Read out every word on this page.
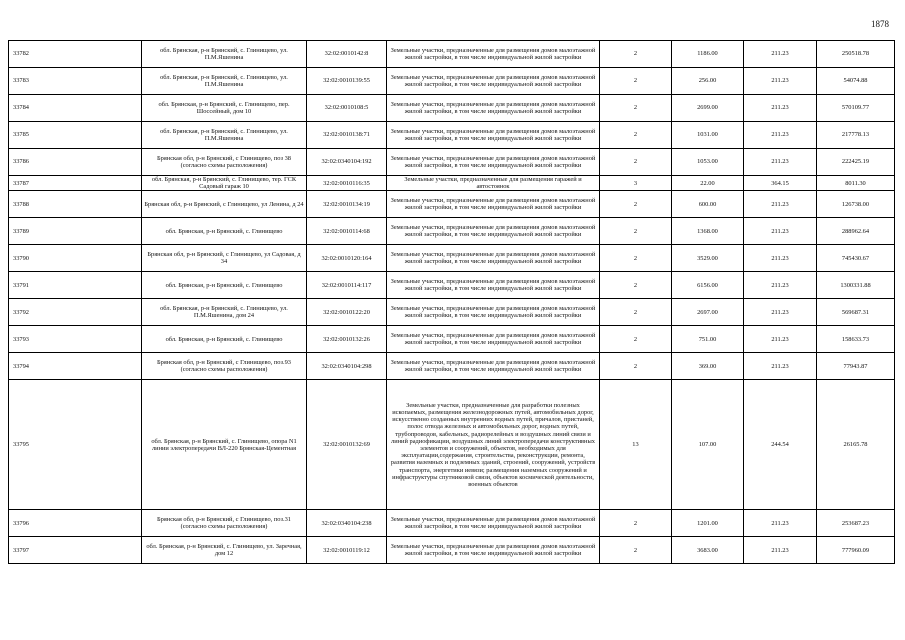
1878
33782	обл. Брянская, р-н Брянский, с. Глинищево, ул. П.М.Яшенина	32:02:0010142:8	Земельные участки, предназначенные для размещения домов малоэтажной жилой застройки, в том числе индивидуальной жилой застройки	2	1186.00	211.23	250518.78
33783	обл. Брянская, р-н Брянский, с. Глинищево, ул. П.М.Яшенина	32:02:0010139:55	Земельные участки, предназначенные для размещения домов малоэтажной жилой застройки, в том числе индивидуальной жилой застройки	2	256.00	211.23	54074.88
33784	обл. Брянская, р-н Брянский, с. Глинищево, пер. Шоссейный, дом 10	32:02:0010108:5	Земельные участки, предназначенные для размещения домов малоэтажной жилой застройки, в том числе индивидуальной жилой застройки	2	2699.00	211.23	570109.77
33785	обл. Брянская, р-н Брянский, с. Глинищево, ул. П.М.Яшенина	32:02:0010138:71	Земельные участки, предназначенные для размещения домов малоэтажной жилой застройки, в том числе индивидуальной жилой застройки	2	1031.00	211.23	217778.13
33786	Брянская обл, р-н Брянский, с Глинищево, поз 38 (согласно схемы расположения)	32:02:0340104:192	Земельные участки, предназначенные для размещения домов малоэтажной жилой застройки, в том числе индивидуальной жилой застройки	2	1053.00	211.23	222425.19
33787	обл. Брянская, р-н Брянский, с. Глинищево, тер. ГСК Садовый гараж 10	32:02:0010116:35	Земельные участки, предназначенные для размещения гаражей и автостоянок	3	22.00	364.15	8011.30
33788	Брянская обл, р-н Брянский, с Глинищево, ул Ленина, д 24	32:02:0010134:19	Земельные участки, предназначенные для размещения домов малоэтажной жилой застройки, в том числе индивидуальной жилой застройки	2	600.00	211.23	126738.00
33789	обл. Брянская, р-н Брянский, с. Глинищево	32:02:0010114:68	Земельные участки, предназначенные для размещения домов малоэтажной жилой застройки, в том числе индивидуальной жилой застройки	2	1368.00	211.23	288962.64
33790	Брянская обл, р-н Брянский, с Глинищево, ул Садовая, д 34	32:02:0010120:164	Земельные участки, предназначенные для размещения домов малоэтажной жилой застройки, в том числе индивидуальной жилой застройки	2	3529.00	211.23	745430.67
33791	обл. Брянская, р-н Брянский, с. Глинищево	32:02:0010114:117	Земельные участки, предназначенные для размещения домов малоэтажной жилой застройки, в том числе индивидуальной жилой застройки	2	6156.00	211.23	1300331.88
33792	обл. Брянская, р-н Брянский, с. Глинищево, ул. П.М.Яшенина, дом 24	32:02:0010122:20	Земельные участки, предназначенные для размещения домов малоэтажной жилой застройки, в том числе индивидуальной жилой застройки	2	2697.00	211.23	569687.31
33793	обл. Брянская, р-н Брянский, с. Глинищево	32:02:0010132:26	Земельные участки, предназначенные для размещения домов малоэтажной жилой застройки, в том числе индивидуальной жилой застройки	2	751.00	211.23	158633.73
33794	Брянская обл, р-н Брянский, с Глинищево, поз.93 (согласно схемы расположения)	32:02:0340104:298	Земельные участки, предназначенные для размещения домов малоэтажной жилой застройки, в том числе индивидуальной жилой застройки	2	369.00	211.23	77943.87
33795	обл. Брянская, р-н Брянский, с. Глинищево, опора N1 линии электропередачи ВЛ-220 Брянская-Цементная	32:02:0010132:69	Земельные участки, предназначенные для разработки полезных ископаемых, размещения железнодорожных путей, автомобильных дорог, искусственно созданных внутренних водных путей, причалов, пристаней, полос отвода железных и автомобильных дорог, водных путей, трубопроводов, кабельных, радиорелейных и воздушных линий связи и линий радиофикации, воздушных линий электропередачи конструктивных элементов и сооружений, объектов, необходимых для эксплуатации,содержания, строительства, реконструкции, ремонта, развития наземных и подземных зданий, строений, сооружений, устройств транспорта, энергетики иевязи; размещения наземных сооружений и инфраструктуры спутниковой связи, объектов космической деятельности, военных объектов	13	107.00	244.54	26165.78
33796	Брянская обл, р-н Брянский, с Глинищево, поз.31 (согласно схемы расположения)	32:02:0340104:238	Земельные участки, предназначенные для размещения домов малоэтажной жилой застройки, в том числе индивидуальной жилой застройки	2	1201.00	211.23	253687.23
33797	обл. Брянская, р-н Брянский, с. Глинищево, ул. Заречная, дом 12	32:02:0010119:12	Земельные участки, предназначенные для размещения домов малоэтажной жилой застройки, в том числе индивидуальной жилой застройки	2	3683.00	211.23	777960.09
